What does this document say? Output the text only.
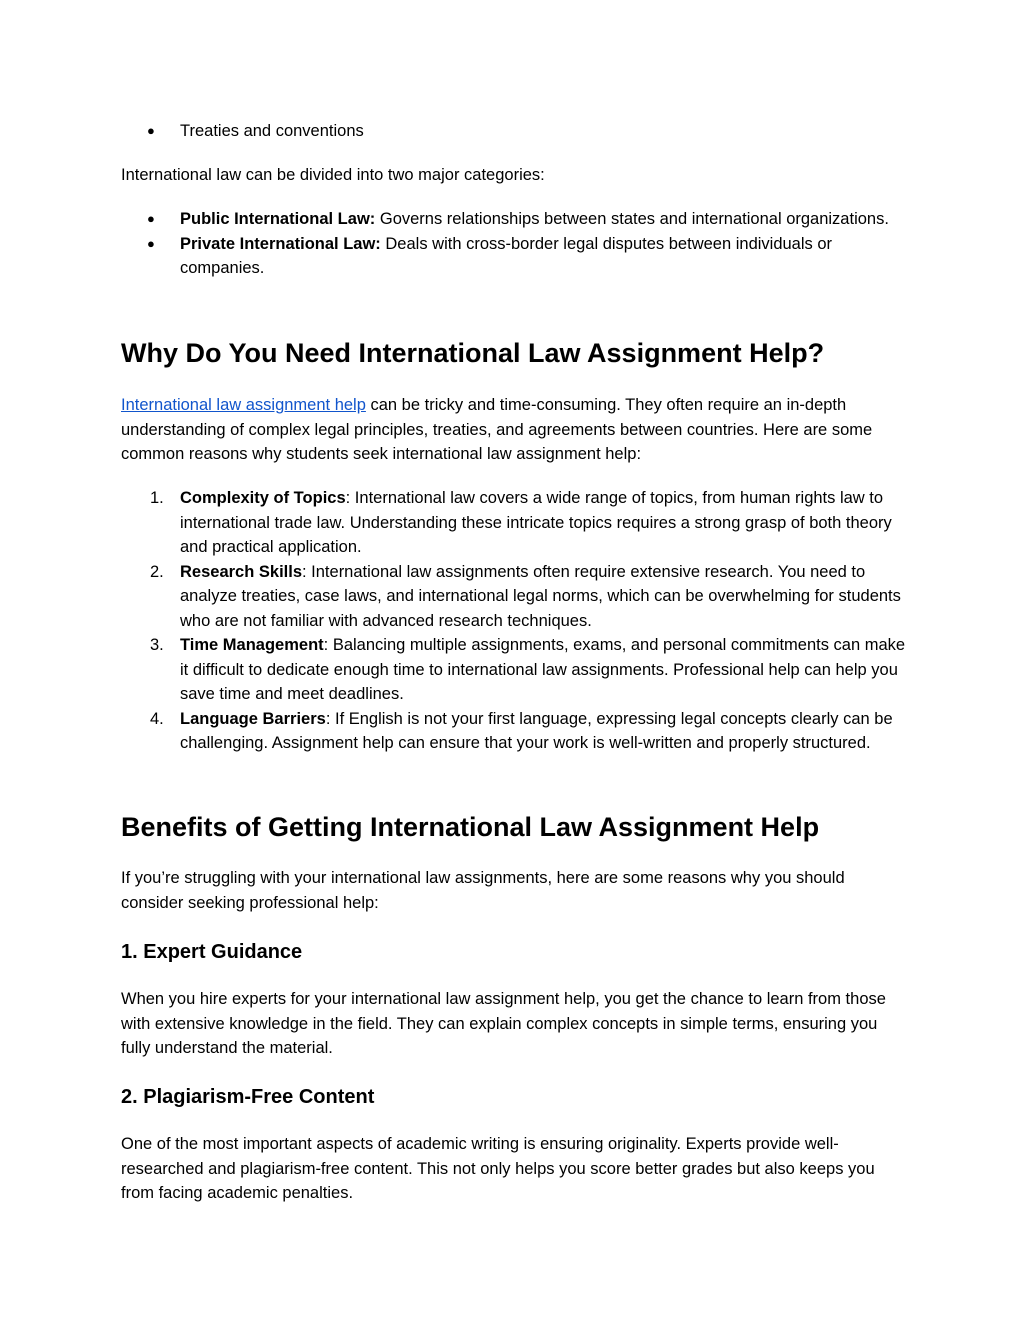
●	Treaties and conventions

International law can be divided into two major categories:

●	Public International Law: Governs relationships between states and international organizations.
●	Private International Law: Deals with cross-border legal disputes between individuals or companies.
Why Do You Need International Law Assignment Help?

International law assignment help can be tricky and time-consuming. They often require an in-depth understanding of complex legal principles, treaties, and agreements between countries. Here are some common reasons why students seek international law assignment help:

1. Complexity of Topics: International law covers a wide range of topics, from human rights law to international trade law. Understanding these intricate topics requires a strong grasp of both theory and practical application.
2. Research Skills: International law assignments often require extensive research. You need to analyze treaties, case laws, and international legal norms, which can be overwhelming for students who are not familiar with advanced research techniques.
3. Time Management: Balancing multiple assignments, exams, and personal commitments can make it difficult to dedicate enough time to international law assignments. Professional help can help you save time and meet deadlines.
4. Language Barriers: If English is not your first language, expressing legal concepts clearly can be challenging. Assignment help can ensure that your work is well-written and properly structured.
Benefits of Getting International Law Assignment Help

If you’re struggling with your international law assignments, here are some reasons why you should consider seeking professional help:

1. Expert Guidance

When you hire experts for your international law assignment help, you get the chance to learn from those with extensive knowledge in the field. They can explain complex concepts in simple terms, ensuring you fully understand the material.

2. Plagiarism-Free Content

One of the most important aspects of academic writing is ensuring originality. Experts provide well-researched and plagiarism-free content. This not only helps you score better grades but also keeps you from facing academic penalties.
